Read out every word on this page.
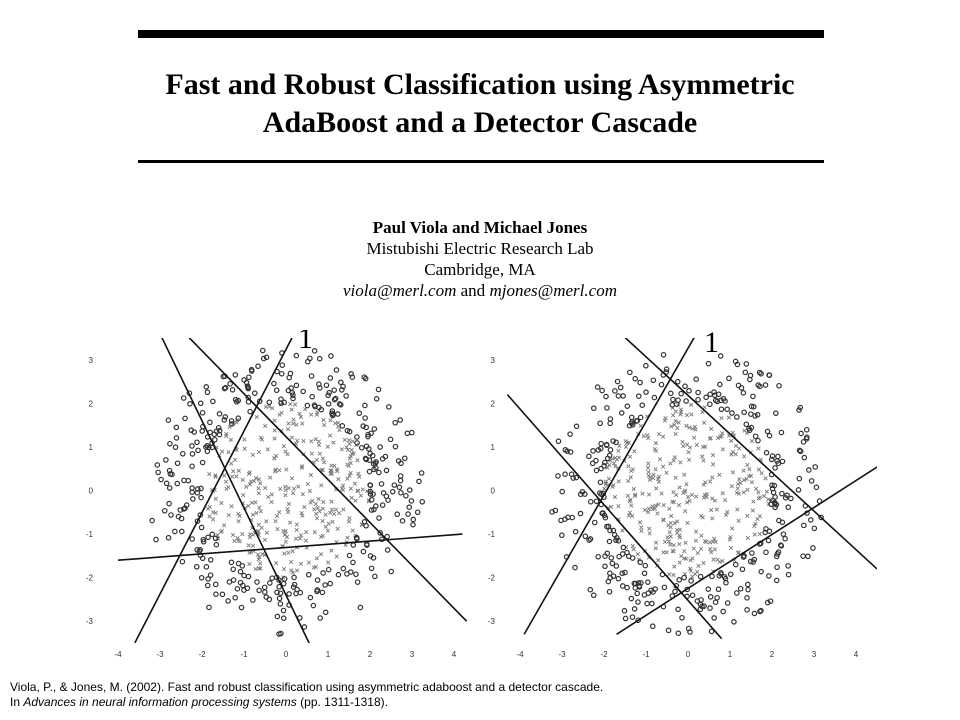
Fast and Robust Classification using Asymmetric
AdaBoost and a Detector Cascade
Paul Viola and Michael Jones
Mistubishi Electric Research Lab
Cambridge, MA
viola@merl.com and mjones@merl.com
-4	-3	-2	-1	0	1	2	3	4
3
2
1
0
-1
-2
-3
1
-4	-3	-2	-1	0	1	2	3	4
3
2
1
0
-1
-2
-3
1
Viola, P., & Jones, M. (2002). Fast and robust classification using asymmetric adaboost and a detector cascade.
In Advances in neural information processing systems (pp. 1311-1318).
